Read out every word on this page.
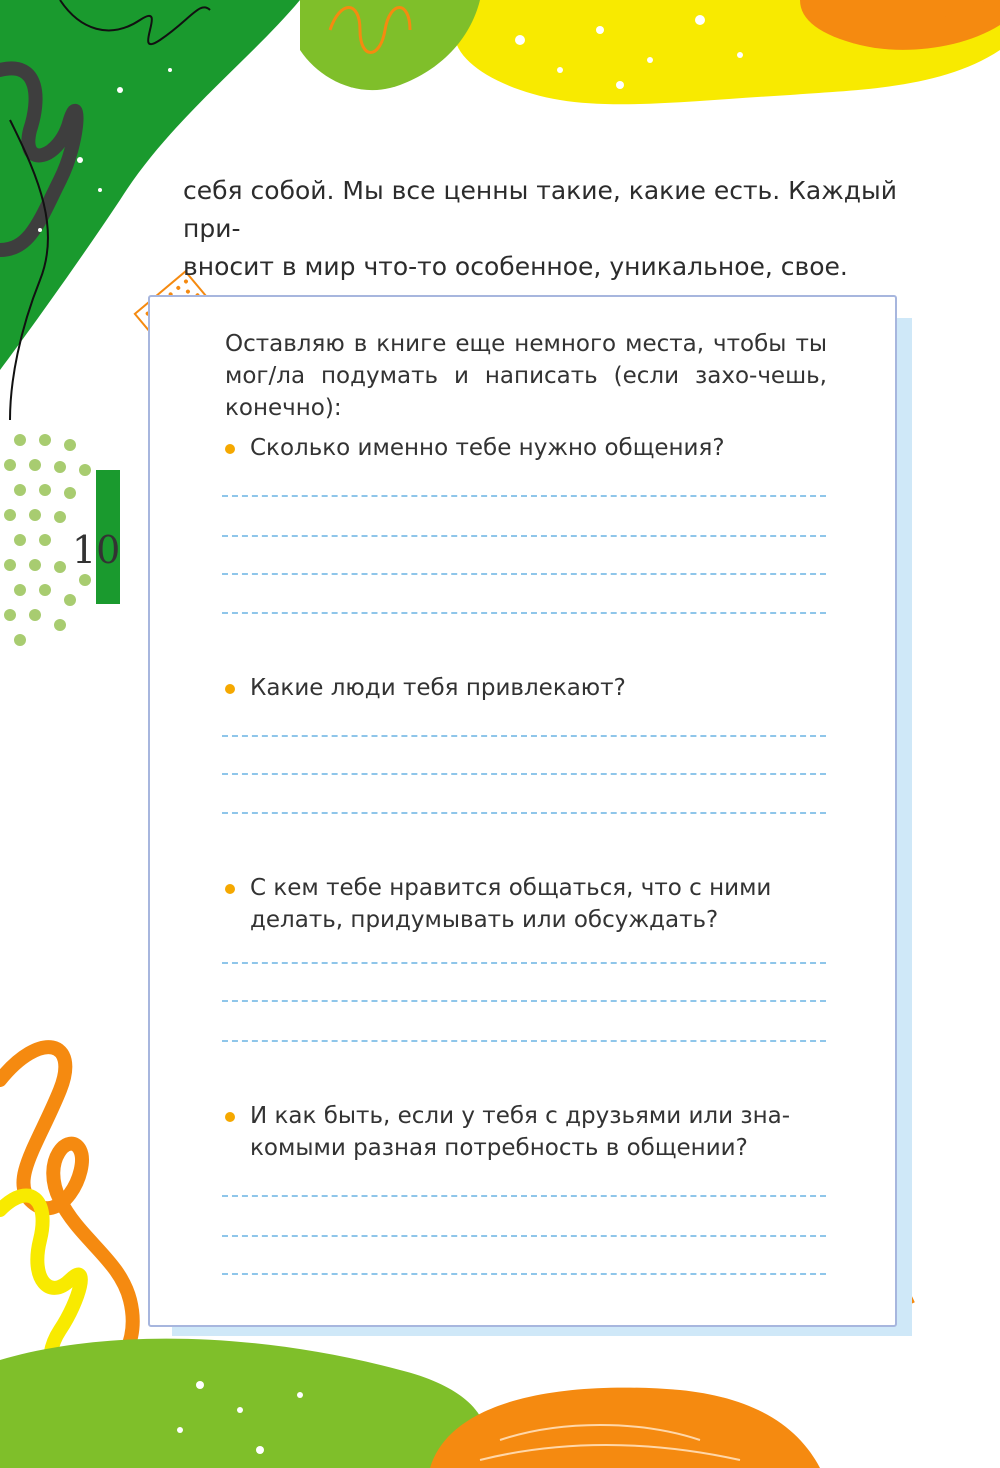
10

себя собой. Мы все ценны такие, какие есть. Каждый при-

вносит в мир что-то особенное, уникальное, свое.

Оставляю в книге еще немного места, чтобы ты мог/ла подумать и написать (если захо-чешь, конечно):
Сколько именно тебе нужно общения?
Какие люди тебя привлекают?
С кем тебе нравится общаться, что с ними делать, придумывать или обсуждать?
И как быть, если у тебя с друзьями или зна-комыми разная потребность в общении?
